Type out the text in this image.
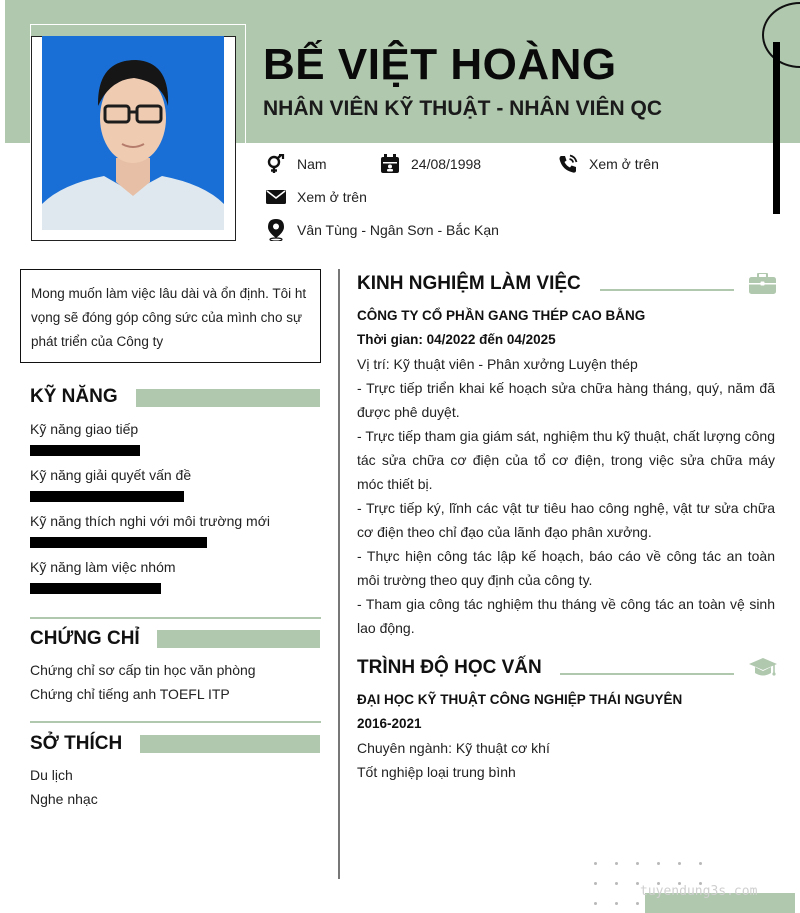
BẾ VIỆT HOÀNG
NHÂN VIÊN KỸ THUẬT - NHÂN VIÊN QC
Nam	24/08/1998	Xem ở trên
Xem ở trên
Vân Tùng - Ngân Sơn - Bắc Kạn
Mong muốn làm việc lâu dài và ổn định. Tôi ht vọng sẽ đóng góp công sức của mình cho sự phát triển của Công ty
KỸ NĂNG
Kỹ năng giao tiếp
Kỹ năng giải quyết vấn đề
Kỹ năng thích nghi với môi trường mới
Kỹ năng làm việc nhóm
CHỨNG CHỈ
Chứng chỉ sơ cấp tin học văn phòng
Chứng chỉ tiếng anh TOEFL ITP
SỞ THÍCH
Du lịch
Nghe nhạc
KINH NGHIỆM LÀM VIỆC
CÔNG TY CỔ PHẦN GANG THÉP CAO BẰNG
Thời gian: 04/2022 đến 04/2025
Vị trí: Kỹ thuật viên - Phân xưởng Luyện thép
- Trực tiếp triển khai kế hoạch sửa chữa hàng tháng, quý, năm đã được phê duyệt.
- Trực tiếp tham gia giám sát, nghiệm thu kỹ thuật, chất lượng công tác sửa chữa cơ điện của tổ cơ điện, trong việc sửa chữa máy móc thiết bị.
- Trực tiếp ký, lĩnh các vật tư tiêu hao công nghệ, vật tư sửa chữa cơ điện theo chỉ đạo của lãnh đạo phân xưởng.
- Thực hiện công tác lập kế hoạch, báo cáo về công tác an toàn môi trường theo quy định của công ty.
- Tham gia công tác nghiệm thu tháng về công tác an toàn vệ sinh lao động.
TRÌNH ĐỘ HỌC VẤN
ĐẠI HỌC KỸ THUẬT CÔNG NGHIỆP THÁI NGUYÊN
2016-2021
Chuyên ngành: Kỹ thuật cơ khí
Tốt nghiệp loại trung bình
tuyendung3s.com
